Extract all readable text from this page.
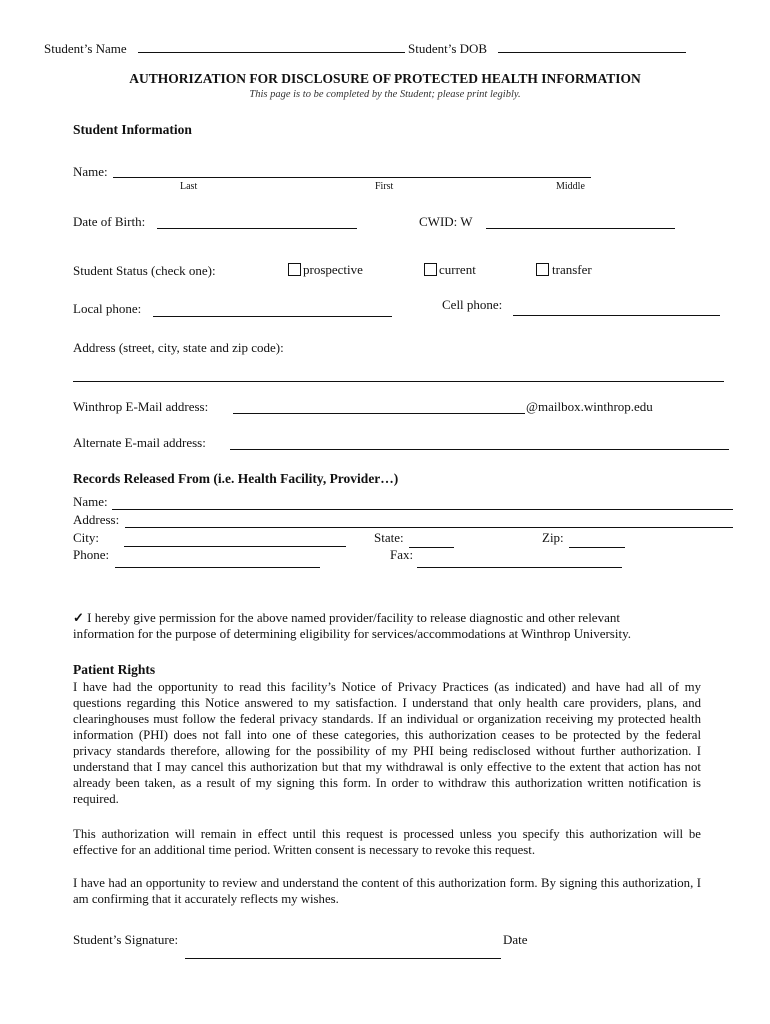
Student’s Name	Student’s DOB
AUTHORIZATION FOR DISCLOSURE OF PROTECTED HEALTH INFORMATION
This page is to be completed by the Student; please print legibly.
Student Information
Name:
Last	First	Middle
Date of Birth:	CWID: W
Student Status (check one):	prospective	current	transfer
Local phone:	Cell phone:
Address (street, city, state and zip code):
Winthrop E-Mail address:	@mailbox.winthrop.edu
Alternate E-mail address:
Records Released From (i.e. Health Facility, Provider…)
Name:
Address:
City:	State:	Zip:
Phone:	Fax:
✓ I hereby give permission for the above named provider/facility to release diagnostic and other relevant
information for the purpose of determining eligibility for services/accommodations at Winthrop University.
Patient Rights
I have had the opportunity to read this facility’s Notice of Privacy Practices (as indicated) and have had all of my questions regarding this Notice answered to my satisfaction. I understand that only health care providers, plans, and clearinghouses must follow the federal privacy standards. If an individual or organization receiving my protected health information (PHI) does not fall into one of these categories, this authorization ceases to be protected by the federal privacy standards therefore, allowing for the possibility of my PHI being redisclosed without further authorization. I understand that I may cancel this authorization but that my withdrawal is only effective to the extent that action has not already been taken, as a result of my signing this form. In order to withdraw this authorization written notification is required.
This authorization will remain in effect until this request is processed unless you specify this authorization will be effective for an additional time period. Written consent is necessary to revoke this request.
I have had an opportunity to review and understand the content of this authorization form. By signing this authorization, I am confirming that it accurately reflects my wishes.
Student’s Signature:	Date
